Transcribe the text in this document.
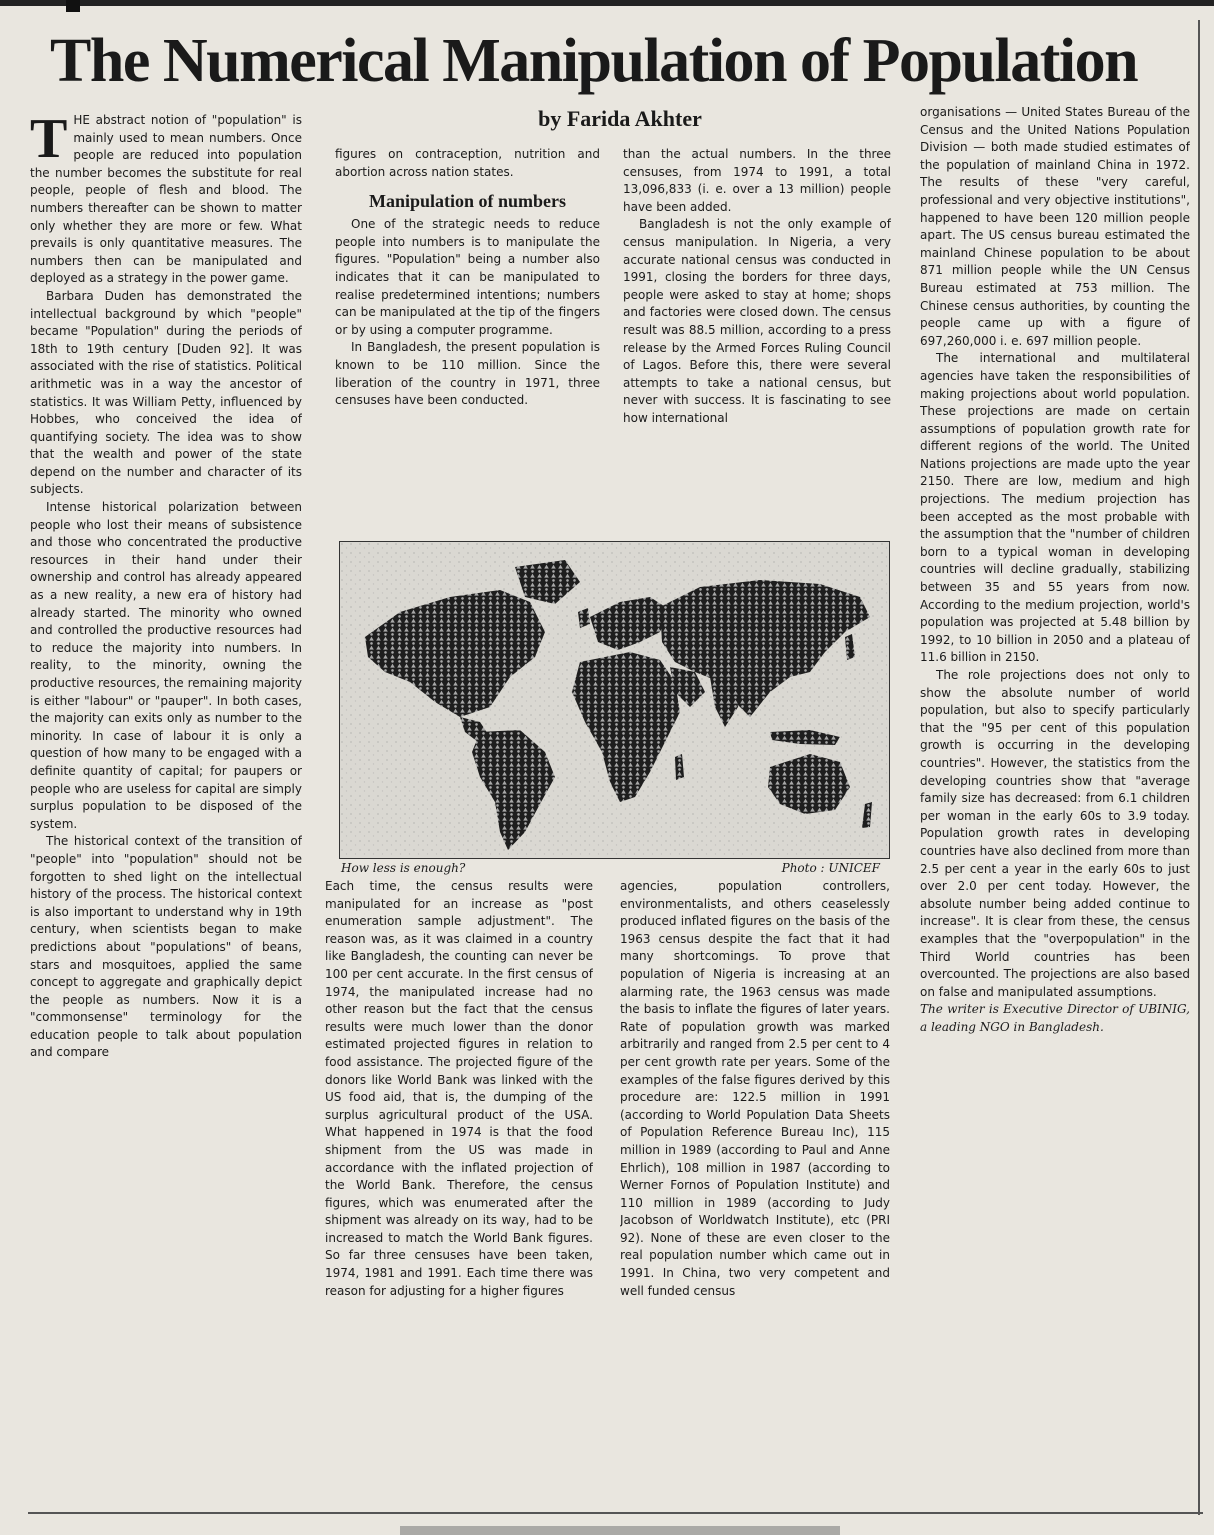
The Numerical Manipulation of Population
by Farida Akhter

THE abstract notion of "population" is mainly used to mean numbers. Once people are reduced into population the number becomes the substitute for real people, people of flesh and blood. The numbers thereafter can be shown to matter only whether they are more or few. What prevails is only quantitative measures. The numbers then can be manipulated and deployed as a strategy in the power game.

Barbara Duden has demonstrated the intellectual background by which "people" became "Population" during the periods of 18th to 19th century [Duden 92]. It was associated with the rise of statistics. Political arithmetic was in a way the ancestor of statistics. It was William Petty, influenced by Hobbes, who conceived the idea of quantifying society. The idea was to show that the wealth and power of the state depend on the number and character of its subjects.

Intense historical polarization between people who lost their means of subsistence and those who concentrated the productive resources in their hand under their ownership and control has already appeared as a new reality, a new era of history had already started. The minority who owned and controlled the productive resources had to reduce the majority into numbers. In reality, to the minority, owning the productive resources, the remaining majority is either "labour" or "pauper". In both cases, the majority can exits only as number to the minority. In case of labour it is only a question of how many to be engaged with a definite quantity of capital; for paupers or people who are useless for capital are simply surplus population to be disposed of the system.

The historical context of the transition of "people" into "population" should not be forgotten to shed light on the intellectual history of the process. The historical context is also important to understand why in 19th century, when scientists began to make predictions about "populations" of beans, stars and mosquitoes, applied the same concept to aggregate and graphically depict the people as numbers. Now it is a "commonsense" terminology for the education people to talk about population and compare

figures on contraception, nutrition and abortion across nation states.

Manipulation of numbers

One of the strategic needs to reduce people into numbers is to manipulate the figures. "Population" being a number also indicates that it can be manipulated to realise predetermined intentions; numbers can be manipulated at the tip of the fingers or by using a computer programme.

In Bangladesh, the present population is known to be 110 million. Since the liberation of the country in 1971, three censuses have been conducted.

than the actual numbers. In the three censuses, from 1974 to 1991, a total 13,096,833 (i. e. over a 13 million) people have been added.

Bangladesh is not the only example of census manipulation. In Nigeria, a very accurate national census was conducted in 1991, closing the borders for three days, people were asked to stay at home; shops and factories were closed down. The census result was 88.5 million, according to a press release by the Armed Forces Ruling Council of Lagos. Before this, there were several attempts to take a national census, but never with success. It is fascinating to see how international

How less is enough?	Photo : UNICEF

Each time, the census results were manipulated for an increase as "post enumeration sample adjustment". The reason was, as it was claimed in a country like Bangladesh, the counting can never be 100 per cent accurate. In the first census of 1974, the manipulated increase had no other reason but the fact that the census results were much lower than the donor estimated projected figures in relation to food assistance. The projected figure of the donors like World Bank was linked with the US food aid, that is, the dumping of the surplus agricultural product of the USA. What happened in 1974 is that the food shipment from the US was made in accordance with the inflated projection of the World Bank. Therefore, the census figures, which was enumerated after the shipment was already on its way, had to be increased to match the World Bank figures. So far three censuses have been taken, 1974, 1981 and 1991. Each time there was reason for adjusting for a higher figures

agencies, population controllers, environmentalists, and others ceaselessly produced inflated figures on the basis of the 1963 census despite the fact that it had many shortcomings. To prove that population of Nigeria is increasing at an alarming rate, the 1963 census was made the basis to inflate the figures of later years. Rate of population growth was marked arbitrarily and ranged from 2.5 per cent to 4 per cent growth rate per years. Some of the examples of the false figures derived by this procedure are: 122.5 million in 1991 (according to World Population Data Sheets of Population Reference Bureau Inc), 115 million in 1989 (according to Paul and Anne Ehrlich), 108 million in 1987 (according to Werner Fornos of Population Institute) and 110 million in 1989 (according to Judy Jacobson of Worldwatch Institute), etc (PRI 92). None of these are even closer to the real population number which came out in 1991. In China, two very competent and well funded census

organisations — United States Bureau of the Census and the United Nations Population Division — both made studied estimates of the population of mainland China in 1972. The results of these "very careful, professional and very objective institutions", happened to have been 120 million people apart. The US census bureau estimated the mainland Chinese population to be about 871 million people while the UN Census Bureau estimated at 753 million. The Chinese census authorities, by counting the people came up with a figure of 697,260,000 i. e. 697 million people.

The international and multilateral agencies have taken the responsibilities of making projections about world population. These projections are made on certain assumptions of population growth rate for different regions of the world. The United Nations projections are made upto the year 2150. There are low, medium and high projections. The medium projection has been accepted as the most probable with the assumption that the "number of children born to a typical woman in developing countries will decline gradually, stabilizing between 35 and 55 years from now. According to the medium projection, world's population was projected at 5.48 billion by 1992, to 10 billion in 2050 and a plateau of 11.6 billion in 2150.

The role projections does not only to show the absolute number of world population, but also to specify particularly that the "95 per cent of this population growth is occurring in the developing countries". However, the statistics from the developing countries show that "average family size has decreased: from 6.1 children per woman in the early 60s to 3.9 today. Population growth rates in developing countries have also declined from more than 2.5 per cent a year in the early 60s to just over 2.0 per cent today. However, the absolute number being added continue to increase". It is clear from these, the census examples that the "overpopulation" in the Third World countries has been overcounted. The projections are also based on false and manipulated assumptions.

The writer is Executive Director of UBINIG, a leading NGO in Bangladesh.
